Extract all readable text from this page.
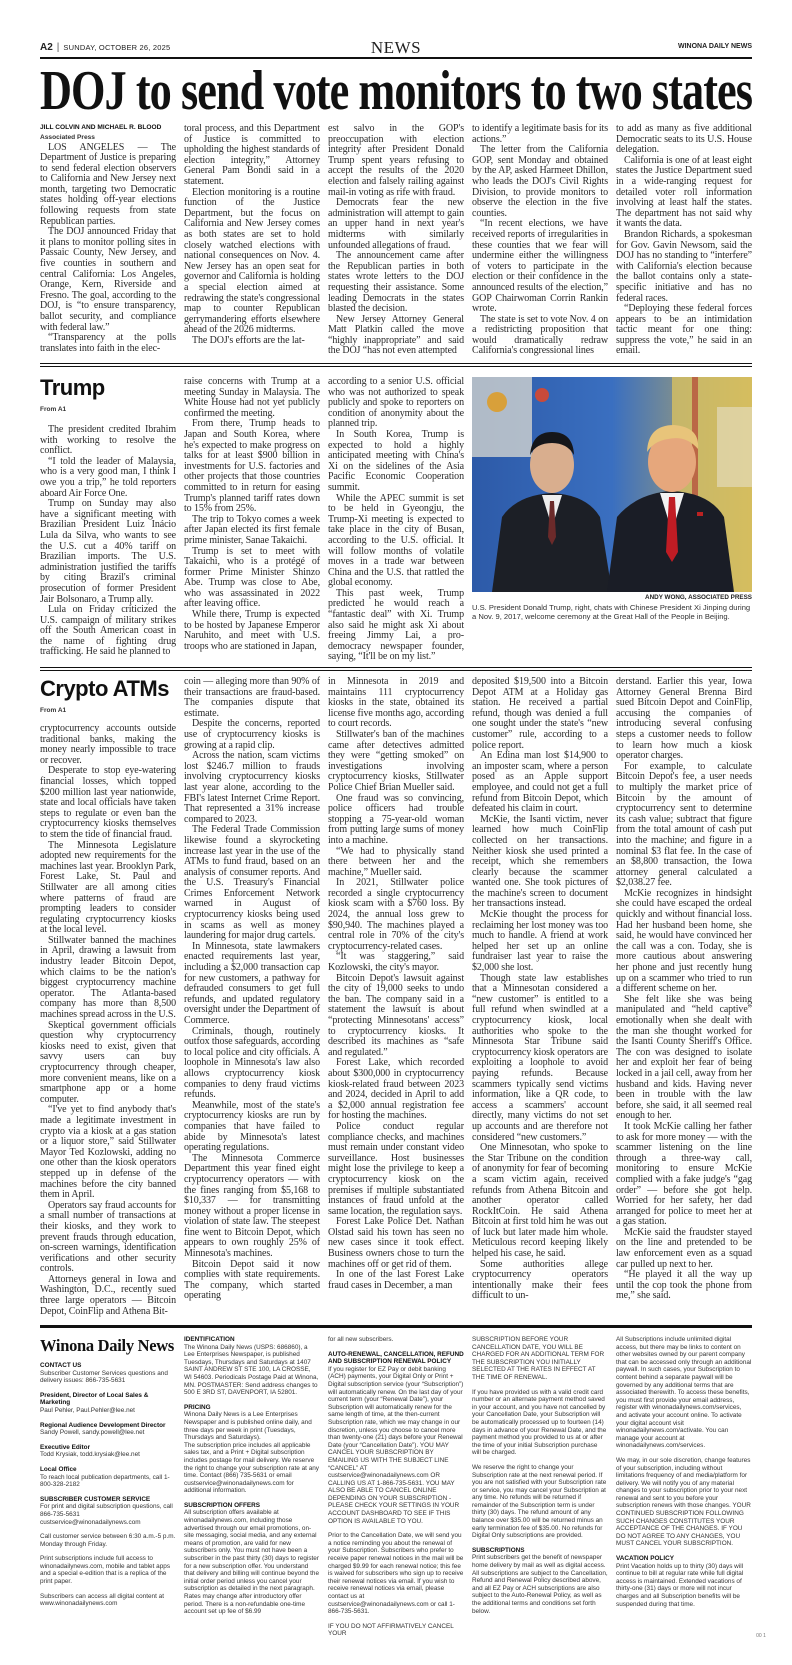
A2 | SUNDAY, OCTOBER 26, 2025	NEWS	WINONA DAILY NEWS
DOJ to send vote monitors to two states
JILL COLVIN AND MICHAEL R. BLOOD
Associated Press

LOS ANGELES — The Department of Justice is preparing to send federal election observers to California and New Jersey next month, targeting two Democratic states holding off-year elections following requests from state Republican parties.

The DOJ announced Friday that it plans to monitor polling sites in Passaic County, New Jersey, and five counties in southern and central California: Los Angeles, Orange, Kern, Riverside and Fresno. The goal, according to the DOJ, is “to ensure transparency, ballot security, and compliance with federal law.”

“Transparency at the polls translates into faith in the elec-

toral process, and this Department of Justice is committed to upholding the highest standards of election integrity,” Attorney General Pam Bondi said in a statement.

Election monitoring is a routine function of the Justice Department, but the focus on California and New Jersey comes as both states are set to hold closely watched elections with national consequences on Nov. 4. New Jersey has an open seat for governor and California is holding a special election aimed at redrawing the state's congressional map to counter Republican gerrymandering efforts elsewhere ahead of the 2026 midterms.

The DOJ's efforts are the lat-

est salvo in the GOP's preoccupation with election integrity after President Donald Trump spent years refusing to accept the results of the 2020 election and falsely railing against mail-in voting as rife with fraud.

Democrats fear the new administration will attempt to gain an upper hand in next year's midterms with similarly unfounded allegations of fraud.

The announcement came after the Republican parties in both states wrote letters to the DOJ requesting their assistance. Some leading Democrats in the states blasted the decision.

New Jersey Attorney General Matt Platkin called the move “highly inappropriate” and said the DOJ “has not even attempted

to identify a legitimate basis for its actions.”

The letter from the California GOP, sent Monday and obtained by the AP, asked Harmeet Dhillon, who leads the DOJ's Civil Rights Division, to provide monitors to observe the election in the five counties.

“In recent elections, we have received reports of irregularities in these counties that we fear will undermine either the willingness of voters to participate in the election or their confidence in the announced results of the election,” GOP Chairwoman Corrin Rankin wrote.

The state is set to vote Nov. 4 on a redistricting proposition that would dramatically redraw California's congressional lines

to add as many as five additional Democratic seats to its U.S. House delegation.

California is one of at least eight states the Justice Department sued in a wide-ranging request for detailed voter roll information involving at least half the states. The department has not said why it wants the data.

Brandon Richards, a spokesman for Gov. Gavin Newsom, said the DOJ has no standing to “interfere” with California's election because the ballot contains only a state-specific initiative and has no federal races.

“Deploying these federal forces appears to be an intimidation tactic meant for one thing: suppress the vote,” he said in an email.

Trump
From A1

The president credited Ibrahim with working to resolve the conflict.

“I told the leader of Malaysia, who is a very good man, I think I owe you a trip,” he told reporters aboard Air Force One.

Trump on Sunday may also have a significant meeting with Brazilian President Luiz Inácio Lula da Silva, who wants to see the U.S. cut a 40% tariff on Brazilian imports. The U.S. administration justified the tariffs by citing Brazil's criminal prosecution of former President Jair Bolsonaro, a Trump ally.

Lula on Friday criticized the U.S. campaign of military strikes off the South American coast in the name of fighting drug trafficking. He said he planned to

raise concerns with Trump at a meeting Sunday in Malaysia. The White House had not yet publicly confirmed the meeting.

From there, Trump heads to Japan and South Korea, where he's expected to make progress on talks for at least $900 billion in investments for U.S. factories and other projects that those countries committed to in return for easing Trump's planned tariff rates down to 15% from 25%.

The trip to Tokyo comes a week after Japan elected its first female prime minister, Sanae Takaichi.

Trump is set to meet with Takaichi, who is a protégé of former Prime Minister Shinzo Abe. Trump was close to Abe, who was assassinated in 2022 after leaving office.

While there, Trump is expected to be hosted by Japanese Emperor Naruhito, and meet with U.S. troops who are stationed in Japan,

according to a senior U.S. official who was not authorized to speak publicly and spoke to reporters on condition of anonymity about the planned trip.

In South Korea, Trump is expected to hold a highly anticipated meeting with China's Xi on the sidelines of the Asia Pacific Economic Cooperation summit.

While the APEC summit is set to be held in Gyeongju, the Trump-Xi meeting is expected to take place in the city of Busan, according to the U.S. official. It will follow months of volatile moves in a trade war between China and the U.S. that rattled the global economy.

This past week, Trump predicted he would reach a “fantastic deal” with Xi. Trump also said he might ask Xi about freeing Jimmy Lai, a pro-democracy newspaper founder, saying, “It'll be on my list.”

ANDY WONG, ASSOCIATED PRESS
U.S. President Donald Trump, right, chats with Chinese President Xi Jinping during a Nov. 9, 2017, welcome ceremony at the Great Hall of the People in Beijing.
Crypto ATMs
From A1

cryptocurrency accounts outside traditional banks, making the money nearly impossible to trace or recover.

Desperate to stop eye-watering financial losses, which topped $200 million last year nationwide, state and local officials have taken steps to regulate or even ban the cryptocurrency kiosks themselves to stem the tide of financial fraud.

The Minnesota Legislature adopted new requirements for the machines last year. Brooklyn Park, Forest Lake, St. Paul and Stillwater are all among cities where patterns of fraud are prompting leaders to consider regulating cryptocurrency kiosks at the local level.

Stillwater banned the machines in April, drawing a lawsuit from industry leader Bitcoin Depot, which claims to be the nation's biggest cryptocurrency machine operator. The Atlanta-based company has more than 8,500 machines spread across in the U.S.

Skeptical government officials question why cryptocurrency kiosks need to exist, given that savvy users can buy cryptocurrency through cheaper, more convenient means, like on a smartphone app or a home computer.

“I've yet to find anybody that's made a legitimate investment in crypto via a kiosk at a gas station or a liquor store,” said Stillwater Mayor Ted Kozlowski, adding no one other than the kiosk operators stepped up in defense of the machines before the city banned them in April.

Operators say fraud accounts for a small number of transactions at their kiosks, and they work to prevent frauds through education, on-screen warnings, identification verifications and other security controls.

Attorneys general in Iowa and Washington, D.C., recently sued three large operators — Bitcoin Depot, CoinFlip and Athena Bit-

coin — alleging more than 90% of their transactions are fraud-based. The companies dispute that estimate.

Despite the concerns, reported use of cryptocurrency kiosks is growing at a rapid clip.

Across the nation, scam victims lost $246.7 million to frauds involving cryptocurrency kiosks last year alone, according to the FBI's latest Internet Crime Report. That represented a 31% increase compared to 2023.

The Federal Trade Commission likewise found a skyrocketing increase last year in the use of the ATMs to fund fraud, based on an analysis of consumer reports. And the U.S. Treasury's Financial Crimes Enforcement Network warned in August of cryptocurrency kiosks being used in scams as well as money laundering for major drug cartels.

In Minnesota, state lawmakers enacted requirements last year, including a $2,000 transaction cap for new customers, a pathway for defrauded consumers to get full refunds, and updated regulatory oversight under the Department of Commerce.

Criminals, though, routinely outfox those safeguards, according to local police and city officials. A loophole in Minnesota's law also allows cryptocurrency kiosk companies to deny fraud victims refunds.

Meanwhile, most of the state's cryptocurrency kiosks are run by companies that have failed to abide by Minnesota's latest operating regulations.

The Minnesota Commerce Department this year fined eight cryptocurrency operators — with the fines ranging from $5,168 to $10,337 — for transmitting money without a proper license in violation of state law. The steepest fine went to Bitcoin Depot, which appears to own roughly 25% of Minnesota's machines.

Bitcoin Depot said it now complies with state requirements. The company, which started operating

in Minnesota in 2019 and maintains 111 cryptocurrency kiosks in the state, obtained its license five months ago, according to court records.

Stillwater's ban of the machines came after detectives admitted they were “getting smoked” on investigations involving cryptocurrency kiosks, Stillwater Police Chief Brian Mueller said.

One fraud was so convincing, police officers had trouble stopping a 75-year-old woman from putting large sums of money into a machine.

“We had to physically stand there between her and the machine,” Mueller said.

In 2021, Stillwater police recorded a single cryptocurrency kiosk scam with a $760 loss. By 2024, the annual loss grew to $90,940. The machines played a central role in 70% of the city's cryptocurrency-related cases.

“It was staggering,” said Kozlowski, the city's mayor.

Bitcoin Depot's lawsuit against the city of 19,000 seeks to undo the ban. The company said in a statement the lawsuit is about “protecting Minnesotans' access” to cryptocurrency kiosks. It described its machines as “safe and regulated.”

Forest Lake, which recorded about $300,000 in cryptocurrency kiosk-related fraud between 2023 and 2024, decided in April to add a $2,000 annual registration fee for hosting the machines.

Police conduct regular compliance checks, and machines must remain under constant video surveillance. Host businesses might lose the privilege to keep a cryptocurrency kiosk on the premises if multiple substantiated instances of fraud unfold at the same location, the regulation says.

Forest Lake Police Det. Nathan Olstad said his town has seen no new cases since it took effect. Business owners chose to turn the machines off or get rid of them.

In one of the last Forest Lake fraud cases in December, a man

deposited $19,500 into a Bitcoin Depot ATM at a Holiday gas station. He received a partial refund, though was denied a full one sought under the state's “new customer” rule, according to a police report.

An Edina man lost $14,900 to an imposter scam, where a person posed as an Apple support employee, and could not get a full refund from Bitcoin Depot, which defeated his claim in court.

McKie, the Isanti victim, never learned how much CoinFlip collected on her transactions. Neither kiosk she used printed a receipt, which she remembers clearly because the scammer wanted one. She took pictures of the machine's screen to document her transactions instead.

McKie thought the process for reclaiming her lost money was too much to handle. A friend at work helped her set up an online fundraiser last year to raise the $2,000 she lost.

Though state law establishes that a Minnesotan considered a “new customer” is entitled to a full refund when swindled at a cryptocurrency kiosk, local authorities who spoke to the Minnesota Star Tribune said cryptocurrency kiosk operators are exploiting a loophole to avoid paying refunds. Because scammers typically send victims information, like a QR code, to access a scammers' account directly, many victims do not set up accounts and are therefore not considered “new customers.”

One Minnesotan, who spoke to the Star Tribune on the condition of anonymity for fear of becoming a scam victim again, received refunds from Athena Bitcoin and another operator called RockItCoin. He said Athena Bitcoin at first told him he was out of luck but later made him whole. Meticulous record keeping likely helped his case, he said.

Some authorities allege cryptocurrency operators intentionally make their fees difficult to un-

derstand. Earlier this year, Iowa Attorney General Brenna Bird sued Bitcoin Depot and CoinFlip, accusing the companies of introducing several confusing steps a customer needs to follow to learn how much a kiosk operator charges.

For example, to calculate Bitcoin Depot's fee, a user needs to multiply the market price of Bitcoin by the amount of cryptocurrency sent to determine its cash value; subtract that figure from the total amount of cash put into the machine; and figure in a nominal $3 flat fee. In the case of an $8,800 transaction, the Iowa attorney general calculated a $2,038.27 fee.

McKie recognizes in hindsight she could have escaped the ordeal quickly and without financial loss. Had her husband been home, she said, he would have convinced her the call was a con. Today, she is more cautious about answering her phone and just recently hung up on a scammer who tried to run a different scheme on her.

She felt like she was being manipulated and “held captive” emotionally when she dealt with the man she thought worked for the Isanti County Sheriff's Office. The con was designed to isolate her and exploit her fear of being locked in a jail cell, away from her husband and kids. Having never been in trouble with the law before, she said, it all seemed real enough to her.

It took McKie calling her father to ask for more money — with the scammer listening on the line through a three-way call, monitoring to ensure McKie complied with a fake judge's “gag order” — before she got help. Worried for her safety, her dad arranged for police to meet her at a gas station.

McKie said the fraudster stayed on the line and pretended to be law enforcement even as a squad car pulled up next to her.

“He played it all the way up until the cop took the phone from me,” she said.

Winona Daily News
CONTACT US
Subscriber Customer Services questions and delivery issues: 866-735-5631
President, Director of Local Sales & Marketing
Paul Pehler, Paul.Pehler@lee.net
Regional Audience Development Director
Sandy Powell, sandy.powell@lee.net
Executive Editor
Todd Krysiak, todd.krysiak@lee.net
Local Office
To reach local publication departments, call 1-800-328-2182
SUBSCRIBER CUSTOMER SERVICE
For print and digital subscription questions, call 866-735-5631 custservice@winonadailynews.com
Call customer service between 6:30 a.m.-5 p.m. Monday through Friday.
Print subscriptions include full access to winonadailynews.com, mobile and tablet apps and a special e-edition that is a replica of the print paper.
Subscribers can access all digital content at www.winonadailynews.com
IDENTIFICATION
The Winona Daily News (USPS: 686860), a Lee Enterprises Newspaper, is published Tuesdays, Thursdays and Saturdays at 1407 SAINT ANDREW ST STE 100, LA CROSSE, WI 54603. Periodicals Postage Paid at Winona, MN. POSTMASTER: Send address changes to 500 E 3RD ST, DAVENPORT, IA 52801.
PRICING
Winona Daily News is a Lee Enterprises Newspaper and is published online daily, and three days per week in print (Tuesdays, Thursdays and Saturdays).
The subscription price includes all applicable sales tax, and a Print + Digital subscription includes postage for mail delivery. We reserve the right to change your subscription rate at any time. Contact (866) 735-5631 or email custservice@winonadailynews.com for additional information.
SUBSCRIPTION OFFERS
All subscription offers available at winonadailynews.com, including those advertised through our email promotions, on-site messaging, social media, and any external means of promotion, are valid for new subscribers only. You must not have been a subscriber in the past thirty (30) days to register for a new subscription offer. You understand that delivery and billing will continue beyond the initial order period unless you cancel your subscription as detailed in the next paragraph. Rates may change after introductory offer period. There is a non-refundable one-time account set up fee of $6.99
for all new subscribers.
AUTO-RENEWAL, CANCELLATION, REFUND AND SUBSCRIPTION RENEWAL POLICY
If you register for EZ Pay or debit banking (ACH) payments, your Digital Only or Print + Digital subscription service (your “Subscription”) will automatically renew. On the last day of your current term (your “Renewal Date”), your Subscription will automatically renew for the same length of time, at the then-current Subscription rate, which we may change in our discretion, unless you choose to cancel more than twenty-one (21) days before your Renewal Date (your “Cancellation Date”). YOU MAY CANCEL YOUR SUBSCRIPTION BY EMAILING US WITH THE SUBJECT LINE “CANCEL” AT custservice@winonadailynews.com OR CALLING US AT 1-866-735-5631. YOU MAY ALSO BE ABLE TO CANCEL ONLINE DEPENDING ON YOUR SUBSCRIPTION - PLEASE CHECK YOUR SETTINGS IN YOUR ACCOUNT DASHBOARD TO SEE IF THIS OPTION IS AVAILABLE TO YOU.
Prior to the Cancellation Date, we will send you a notice reminding you about the renewal of your Subscription. Subscribers who prefer to receive paper renewal notices in the mail will be charged $9.99 for each renewal notice; this fee is waived for subscribers who sign up to receive their renewal notices via email. If you wish to receive renewal notices via email, please contact us at custservice@winonadailynews.com or call 1-866-735-5631.
IF YOU DO NOT AFFIRMATIVELY CANCEL YOUR
SUBSCRIPTION BEFORE YOUR CANCELLATION DATE, YOU WILL BE CHARGED FOR AN ADDITIONAL TERM FOR THE SUBSCRIPTION YOU INITIALLY SELECTED AT THE RATES IN EFFECT AT THE TIME OF RENEWAL.
If you have provided us with a valid credit card number or an alternate payment method saved in your account, and you have not cancelled by your Cancellation Date, your Subscription will be automatically processed up to fourteen (14) days in advance of your Renewal Date, and the payment method you provided to us at or after the time of your initial Subscription purchase will be charged.
We reserve the right to change your Subscription rate at the next renewal period. If you are not satisfied with your Subscription rate or service, you may cancel your Subscription at any time. No refunds will be returned if remainder of the Subscription term is under thirty (30) days. The refund amount of any balance over $35.00 will be returned minus an early termination fee of $35.00. No refunds for Digital Only subscriptions are provided.
SUBSCRIPTIONS
Print subscribers get the benefit of newspaper home delivery by mail as well as digital access. All subscriptions are subject to the Cancellation, Refund and Renewal Policy described above, and all EZ Pay or ACH subscriptions are also subject to the Auto-Renewal Policy, as well as the additional terms and conditions set forth below.
All Subscriptions include unlimited digital access, but there may be links to content on other websites owned by our parent company that can be accessed only through an additional paywall. In such cases, your Subscription to content behind a separate paywall will be governed by any additional terms that are associated therewith. To access these benefits, you must first provide your email address, register with winonadailynews.com/services, and activate your account online. To activate your digital account visit winonadailynews.com/activate. You can manage your account at winonadailynews.com/services.
We may, in our sole discretion, change features of your subscription, including without limitations frequency of and media/platform for delivery. We will notify you of any material changes to your subscription prior to your next renewal and sent to you before your subscription renews with those changes. YOUR CONTINUED SUBSCRIPTION FOLLOWING SUCH CHANGES CONSTITUTES YOUR ACCEPTANCE OF THE CHANGES. IF YOU DO NOT AGREE TO ANY CHANGES, YOU MUST CANCEL YOUR SUBSCRIPTION.
VACATION POLICY
Print Vacation holds up to thirty (30) days will continue to bill at regular rate while full digital access is maintained. Extended vacations of thirty-one (31) days or more will not incur charges and all Subscription benefits will be suspended during that time.
00 1
